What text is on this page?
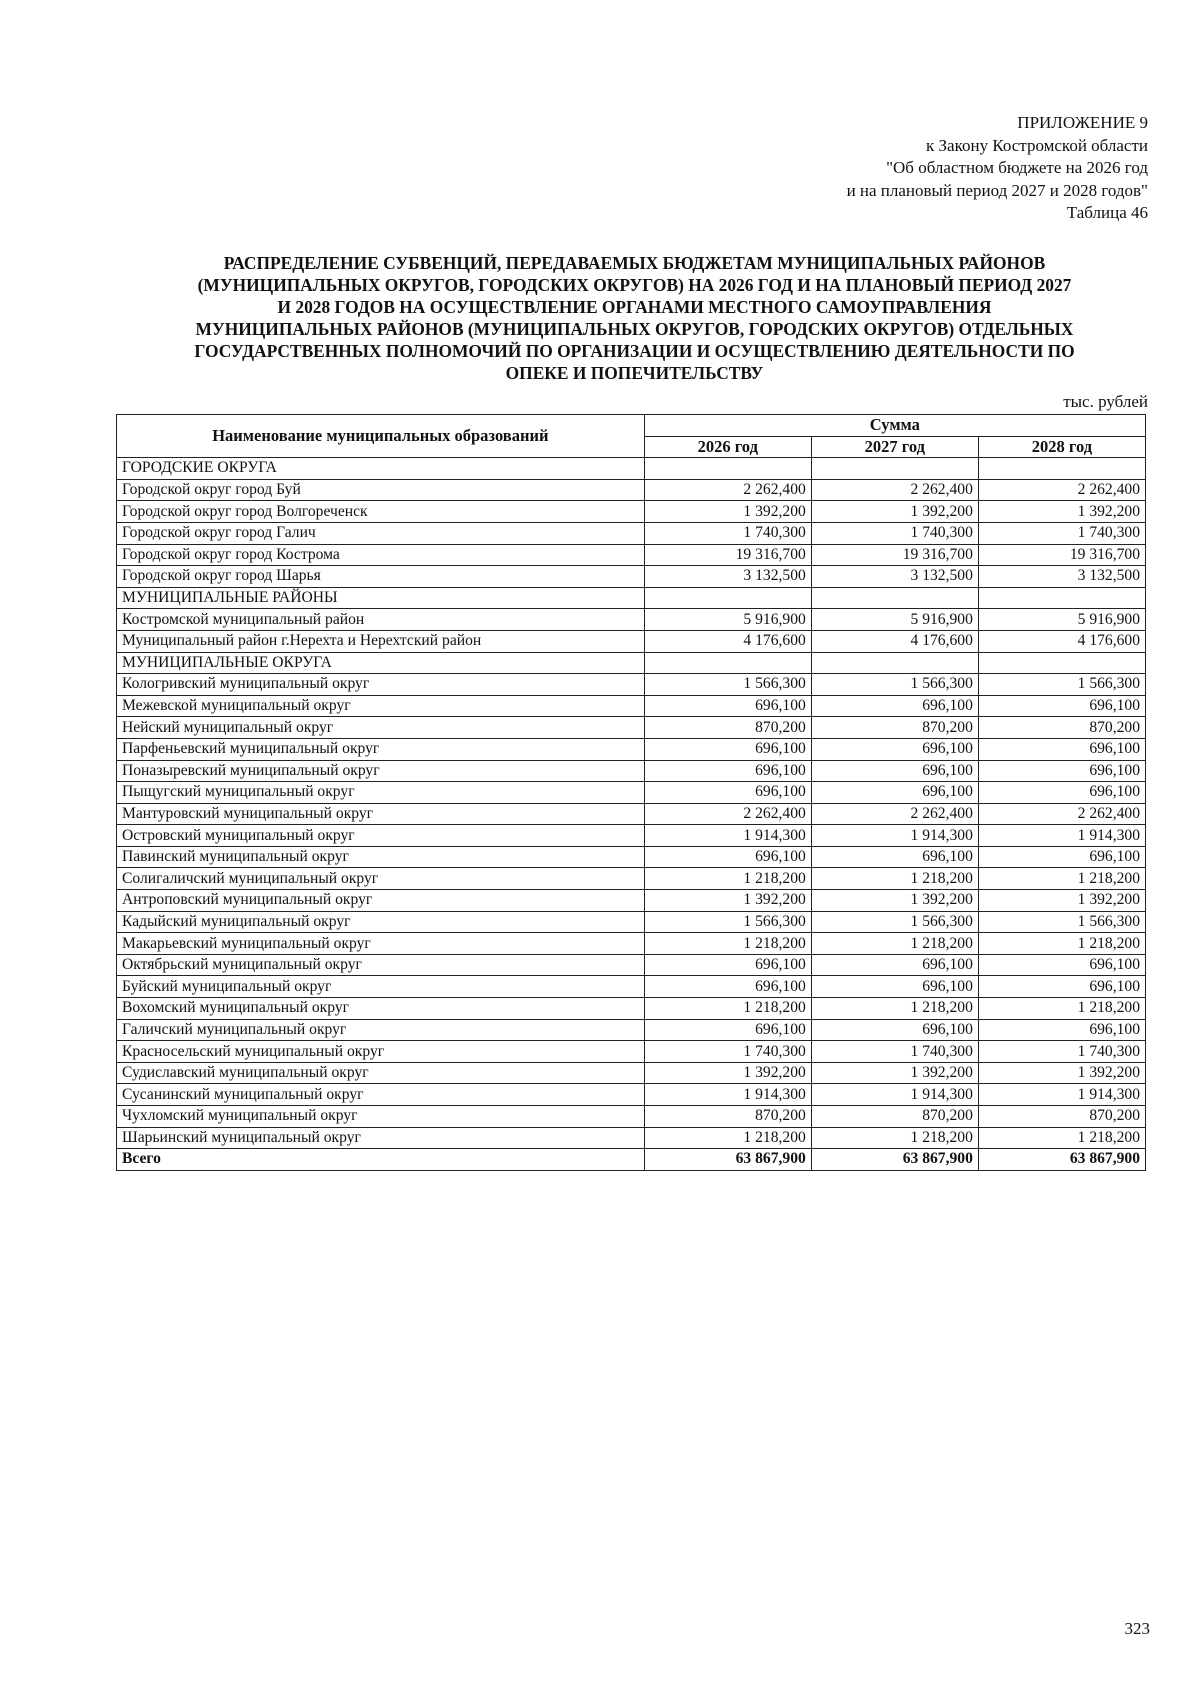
ПРИЛОЖЕНИЕ 9
к Закону Костромской области
"Об областном бюджете на 2026 год
и на плановый период 2027 и 2028 годов"
Таблица 46
РАСПРЕДЕЛЕНИЕ СУБВЕНЦИЙ, ПЕРЕДАВАЕМЫХ БЮДЖЕТАМ МУНИЦИПАЛЬНЫХ РАЙОНОВ
(МУНИЦИПАЛЬНЫХ ОКРУГОВ, ГОРОДСКИХ ОКРУГОВ) НА 2026 ГОД И НА ПЛАНОВЫЙ ПЕРИОД 2027
И 2028 ГОДОВ НА ОСУЩЕСТВЛЕНИЕ ОРГАНАМИ МЕСТНОГО САМОУПРАВЛЕНИЯ
МУНИЦИПАЛЬНЫХ РАЙОНОВ (МУНИЦИПАЛЬНЫХ ОКРУГОВ, ГОРОДСКИХ ОКРУГОВ) ОТДЕЛЬНЫХ
ГОСУДАРСТВЕННЫХ ПОЛНОМОЧИЙ ПО ОРГАНИЗАЦИИ И ОСУЩЕСТВЛЕНИЮ ДЕЯТЕЛЬНОСТИ ПО
ОПЕКЕ И ПОПЕЧИТЕЛЬСТВУ
тыс. рублей
Наименование муниципальных образований	Сумма		
	2026 год	2027 год	2028 год
ГОРОДСКИЕ ОКРУГА			
Городской округ город Буй	2 262,400	2 262,400	2 262,400
Городской округ город Волгореченск	1 392,200	1 392,200	1 392,200
Городской округ город Галич	1 740,300	1 740,300	1 740,300
Городской округ город Кострома	19 316,700	19 316,700	19 316,700
Городской округ город Шарья	3 132,500	3 132,500	3 132,500
МУНИЦИПАЛЬНЫЕ РАЙОНЫ			
Костромской муниципальный район	5 916,900	5 916,900	5 916,900
Муниципальный район г.Нерехта и Нерехтский район	4 176,600	4 176,600	4 176,600
МУНИЦИПАЛЬНЫЕ ОКРУГА			
Кологривский муниципальный округ	1 566,300	1 566,300	1 566,300
Межевской муниципальный округ	696,100	696,100	696,100
Нейский муниципальный округ	870,200	870,200	870,200
Парфеньевский муниципальный округ	696,100	696,100	696,100
Поназыревский муниципальный округ	696,100	696,100	696,100
Пыщугский муниципальный округ	696,100	696,100	696,100
Мантуровский муниципальный округ	2 262,400	2 262,400	2 262,400
Островский муниципальный округ	1 914,300	1 914,300	1 914,300
Павинский муниципальный округ	696,100	696,100	696,100
Солигаличский муниципальный округ	1 218,200	1 218,200	1 218,200
Антроповский муниципальный округ	1 392,200	1 392,200	1 392,200
Кадыйский муниципальный округ	1 566,300	1 566,300	1 566,300
Макарьевский муниципальный округ	1 218,200	1 218,200	1 218,200
Октябрьский муниципальный округ	696,100	696,100	696,100
Буйский муниципальный округ	696,100	696,100	696,100
Вохомский муниципальный округ	1 218,200	1 218,200	1 218,200
Галичский муниципальный округ	696,100	696,100	696,100
Красносельский муниципальный округ	1 740,300	1 740,300	1 740,300
Судиславский муниципальный округ	1 392,200	1 392,200	1 392,200
Сусанинский муниципальный округ	1 914,300	1 914,300	1 914,300
Чухломский муниципальный округ	870,200	870,200	870,200
Шарьинский муниципальный округ	1 218,200	1 218,200	1 218,200
Всего	63 867,900	63 867,900	63 867,900
323
